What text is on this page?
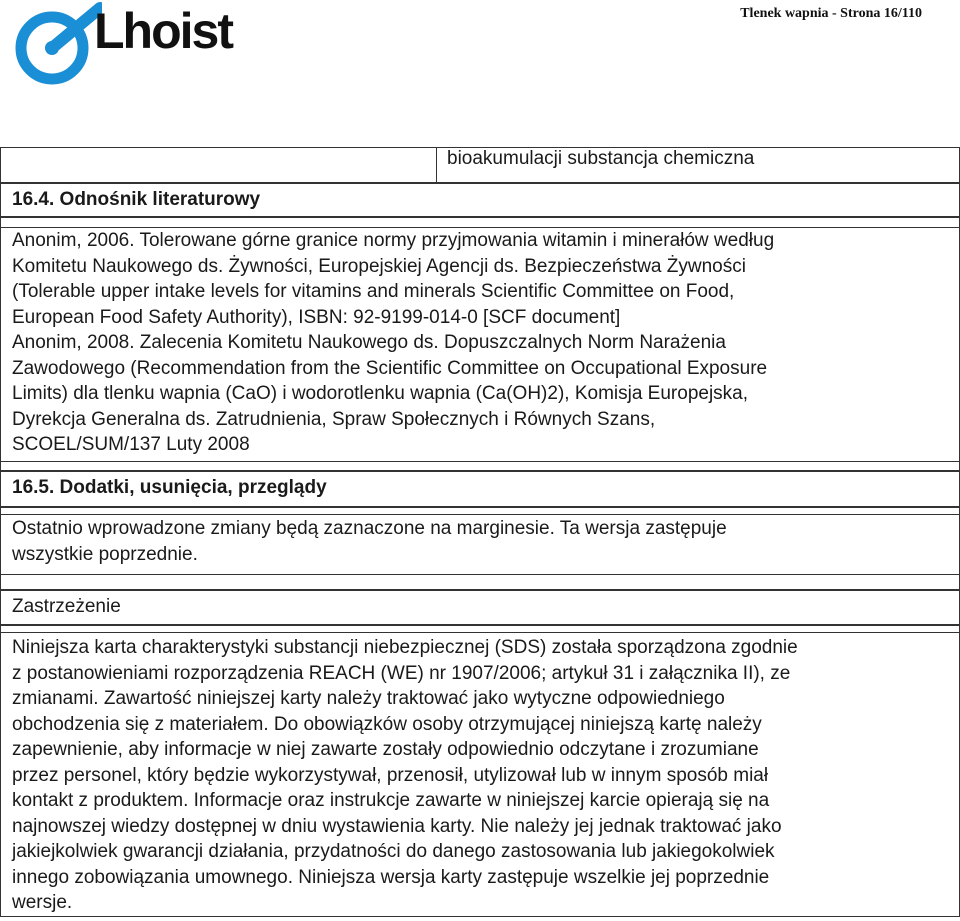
Lhoist	Tlenek wapnia - Strona 16/110
bioakumulacji substancja chemiczna
16.4. Odnośnik literaturowy
Anonim, 2006. Tolerowane górne granice normy przyjmowania witamin i minerałów według
Komitetu Naukowego ds. Żywności, Europejskiej Agencji ds. Bezpieczeństwa Żywności
(Tolerable upper intake levels for vitamins and minerals Scientific Committee on Food,
European Food Safety Authority), ISBN: 92-9199-014-0 [SCF document]
Anonim, 2008. Zalecenia Komitetu Naukowego ds. Dopuszczalnych Norm Narażenia
Zawodowego (Recommendation from the Scientific Committee on Occupational Exposure
Limits) dla tlenku wapnia (CaO) i wodorotlenku wapnia (Ca(OH)2), Komisja Europejska,
Dyrekcja Generalna ds. Zatrudnienia, Spraw Społecznych i Równych Szans,
SCOEL/SUM/137 Luty 2008
16.5. Dodatki, usunięcia, przeglądy
Ostatnio wprowadzone zmiany będą zaznaczone na marginesie. Ta wersja zastępuje
wszystkie poprzednie.
Zastrzeżenie
Niniejsza karta charakterystyki substancji niebezpiecznej (SDS) została sporządzona zgodnie
z postanowieniami rozporządzenia REACH (WE) nr 1907/2006; artykuł 31 i załącznika II), ze
zmianami. Zawartość niniejszej karty należy traktować jako wytyczne odpowiedniego
obchodzenia się z materiałem. Do obowiązków osoby otrzymującej niniejszą kartę należy
zapewnienie, aby informacje w niej zawarte zostały odpowiednio odczytane i zrozumiane
przez personel, który będzie wykorzystywał, przenosił, utylizował lub w innym sposób miał
kontakt z produktem. Informacje oraz instrukcje zawarte w niniejszej karcie opierają się na
najnowszej wiedzy dostępnej w dniu wystawienia karty. Nie należy jej jednak traktować jako
jakiejkolwiek gwarancji działania, przydatności do danego zastosowania lub jakiegokolwiek
innego zobowiązania umownego. Niniejsza wersja karty zastępuje wszelkie jej poprzednie
wersje.
